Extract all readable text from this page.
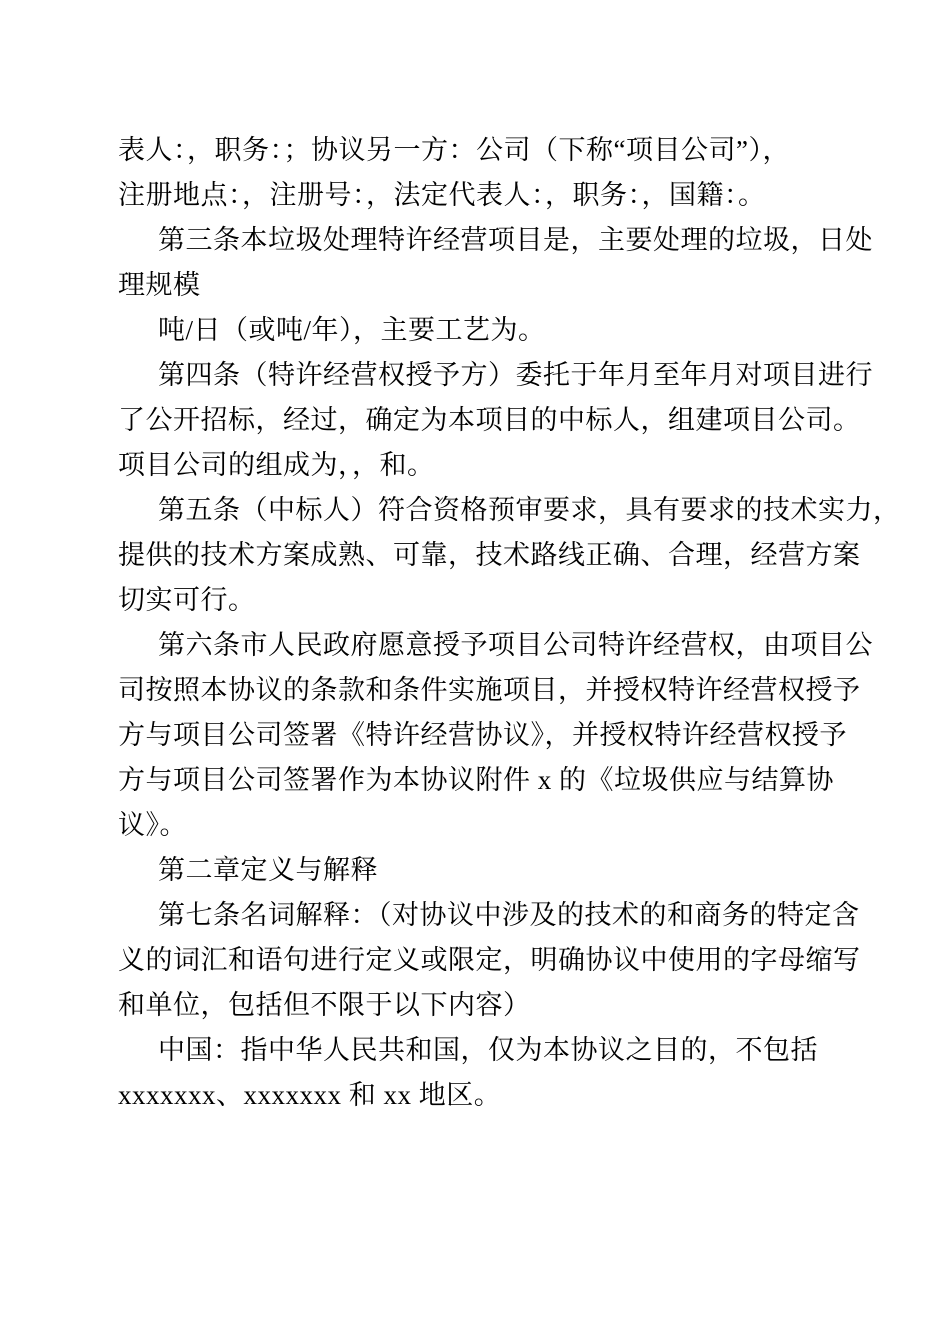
表人：，职务：；协议另一方：公司（下称“项目公司”），
注册地点：，注册号：，法定代表人：，职务：，国籍：。
第三条本垃圾处理特许经营项目是，主要处理的垃圾，日处
理规模
吨/日（或吨/年），主要工艺为。
第四条（特许经营权授予方）委托于年月至年月对项目进行
了公开招标，经过，确定为本项目的中标人，组建项目公司。
项目公司的组成为，，和。
第五条（中标人）符合资格预审要求，具有要求的技术实力，
提供的技术方案成熟、可靠，技术路线正确、合理，经营方案
切实可行。
第六条市人民政府愿意授予项目公司特许经营权，由项目公
司按照本协议的条款和条件实施项目，并授权特许经营权授予
方与项目公司签署《特许经营协议》，并授权特许经营权授予
方与项目公司签署作为本协议附件 x 的《垃圾供应与结算协
议》。
第二章定义与解释
第七条名词解释：（对协议中涉及的技术的和商务的特定含
义的词汇和语句进行定义或限定，明确协议中使用的字母缩写
和单位，包括但不限于以下内容）
中国：指中华人民共和国，仅为本协议之目的，不包括
xxxxxxx、xxxxxxx 和 xx 地区。
